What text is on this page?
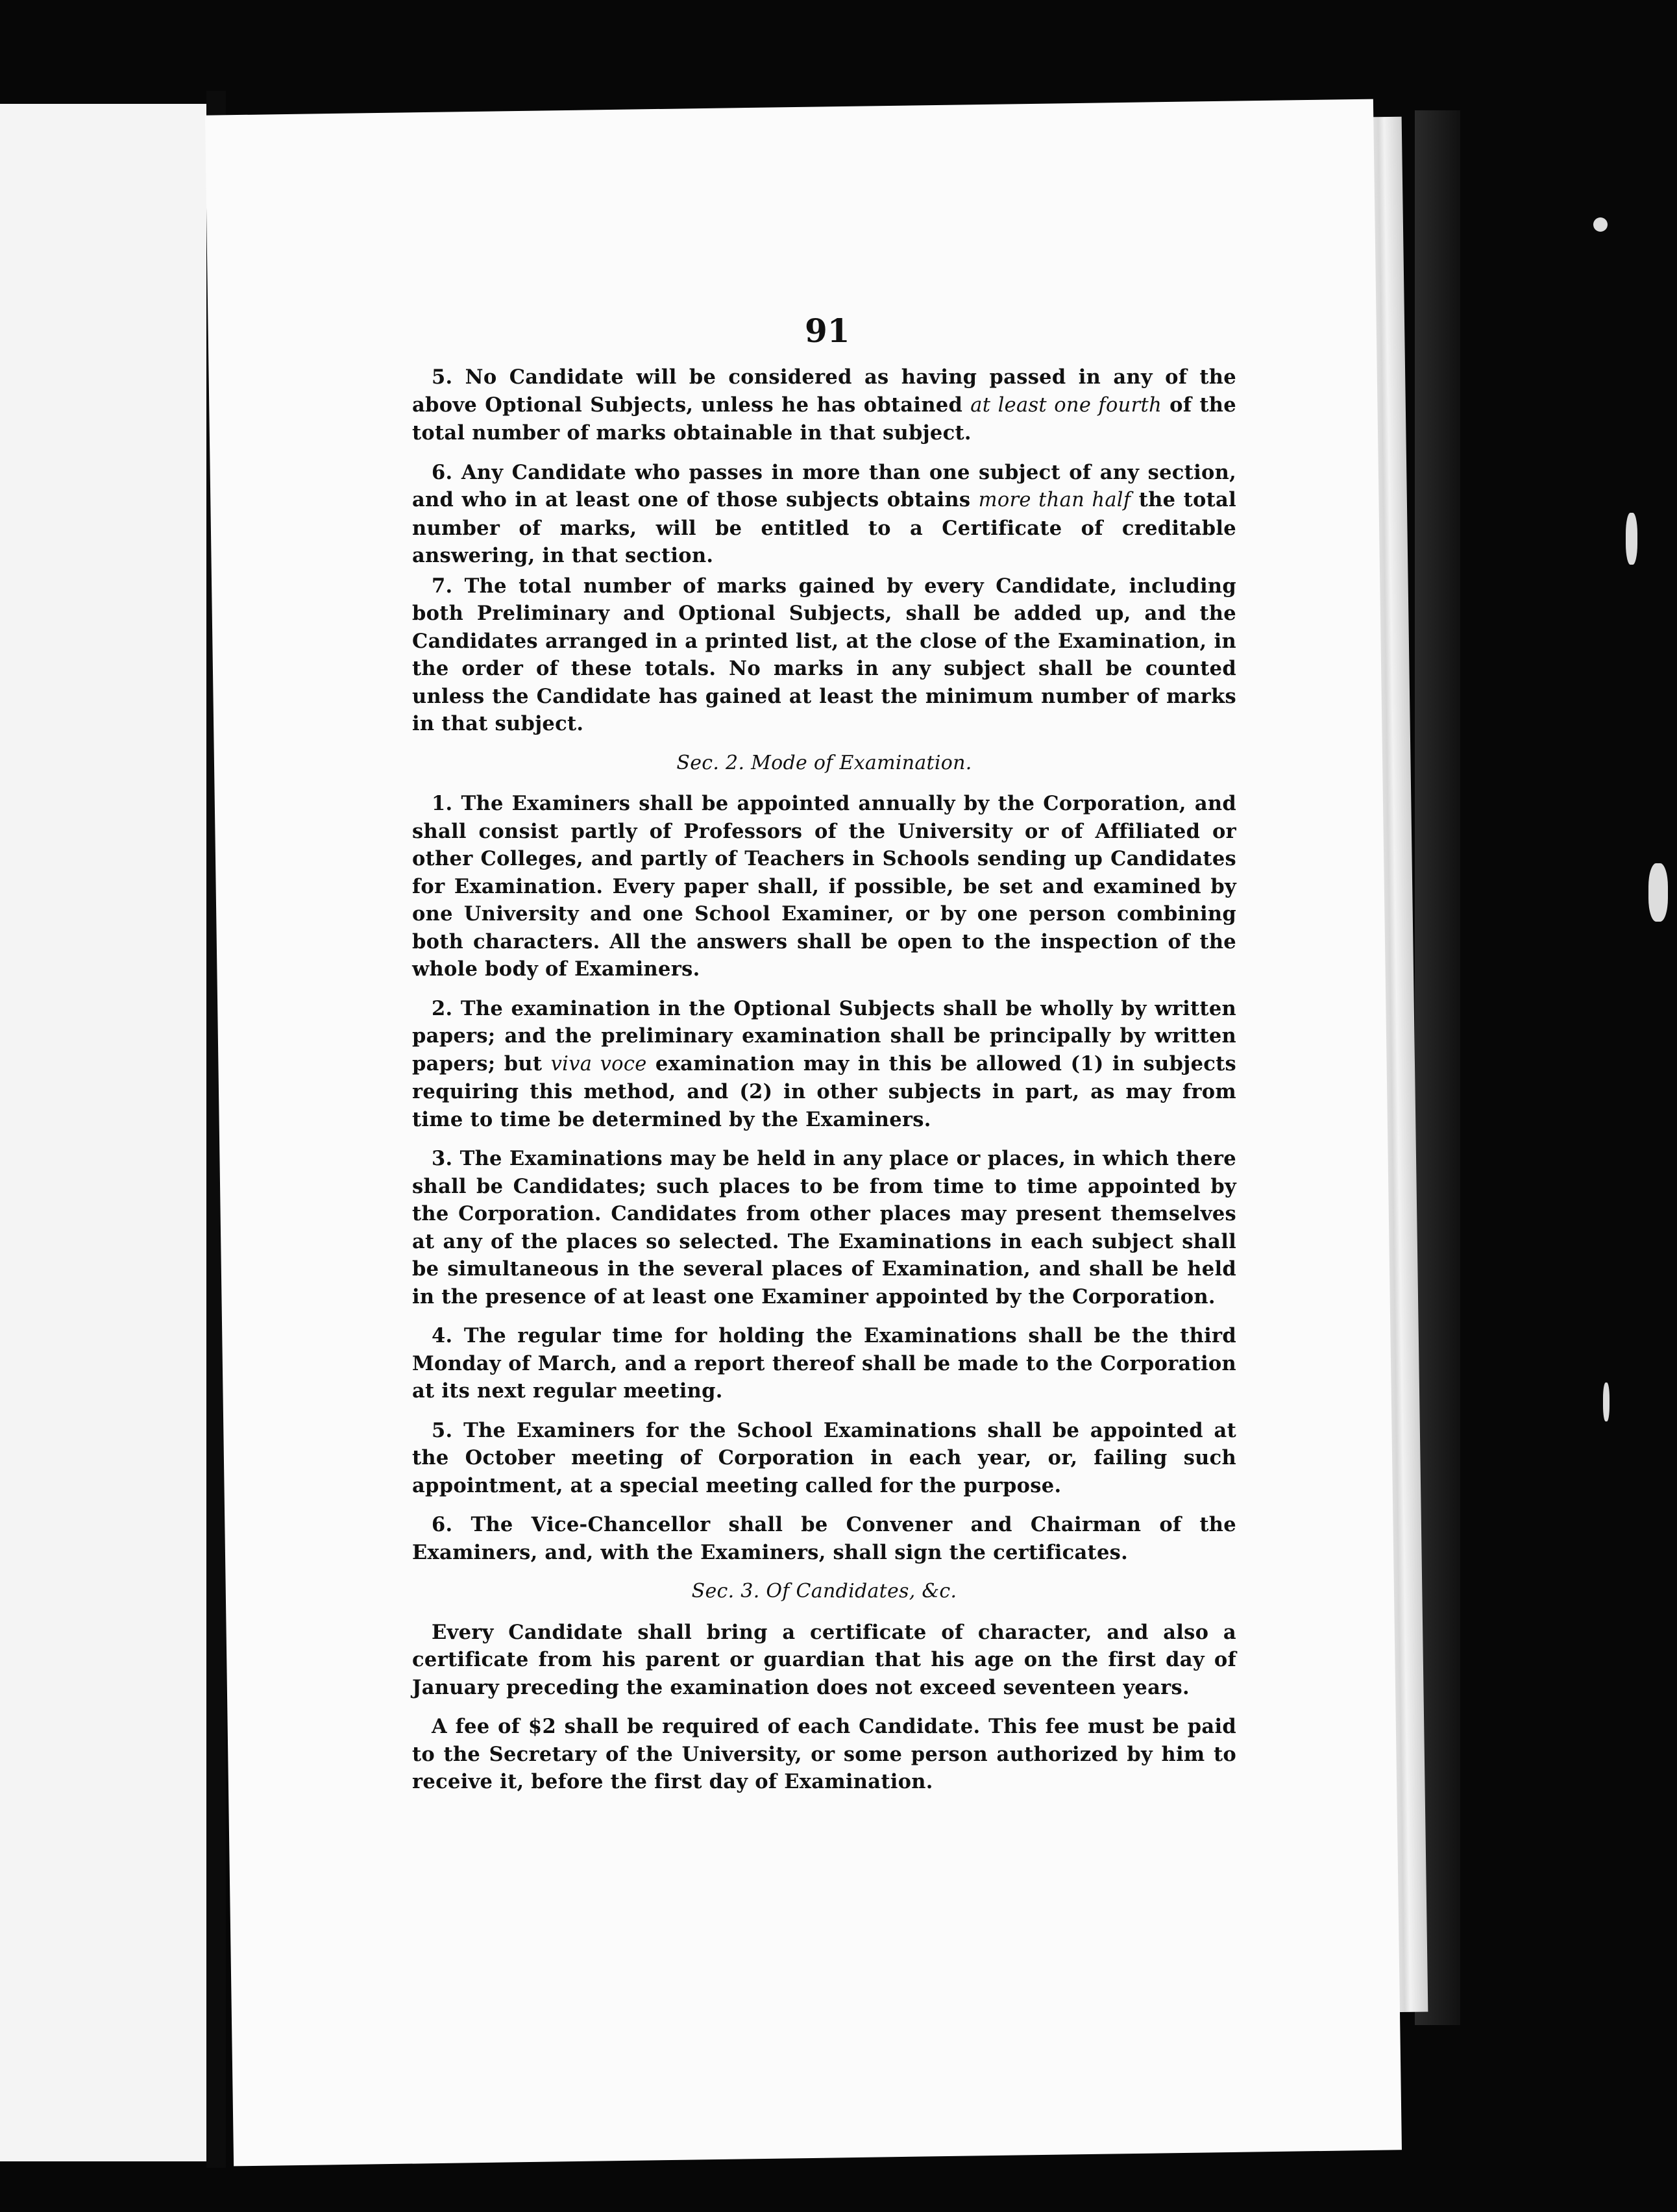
91

5. No Candidate will be considered as having passed in any of the above Optional Subjects, unless he has obtained at least one fourth of the total number of marks obtainable in that subject.

6. Any Candidate who passes in more than one subject of any section, and who in at least one of those subjects obtains more than half the total number of marks, will be entitled to a Certificate of creditable answering, in that section.

7. The total number of marks gained by every Candidate, including both Preliminary and Optional Subjects, shall be added up, and the Candidates arranged in a printed list, at the close of the Examination, in the order of these totals. No marks in any subject shall be counted unless the Candidate has gained at least the minimum number of marks in that subject.

Sec. 2. Mode of Examination.

1. The Examiners shall be appointed annually by the Corporation, and shall consist partly of Professors of the University or of Affiliated or other Colleges, and partly of Teachers in Schools sending up Candidates for Examination. Every paper shall, if possible, be set and examined by one University and one School Examiner, or by one person combining both characters. All the answers shall be open to the inspection of the whole body of Examiners.

2. The examination in the Optional Subjects shall be wholly by written papers; and the preliminary examination shall be principally by written papers; but viva voce examination may in this be allowed (1) in subjects requiring this method, and (2) in other subjects in part, as may from time to time be determined by the Examiners.

3. The Examinations may be held in any place or places, in which there shall be Candidates; such places to be from time to time appointed by the Corporation. Candidates from other places may present themselves at any of the places so selected. The Examinations in each subject shall be simultaneous in the several places of Examination, and shall be held in the presence of at least one Examiner appointed by the Corporation.

4. The regular time for holding the Examinations shall be the third Monday of March, and a report thereof shall be made to the Corporation at its next regular meeting.

5. The Examiners for the School Examinations shall be appointed at the October meeting of Corporation in each year, or, failing such appointment, at a special meeting called for the purpose.

6. The Vice-Chancellor shall be Convener and Chairman of the Examiners, and, with the Examiners, shall sign the certificates.

Sec. 3. Of Candidates, &c.

Every Candidate shall bring a certificate of character, and also a certificate from his parent or guardian that his age on the first day of January preceding the examination does not exceed seventeen years.

A fee of $2 shall be required of each Candidate. This fee must be paid to the Secretary of the University, or some person authorized by him to receive it, before the first day of Examination.
